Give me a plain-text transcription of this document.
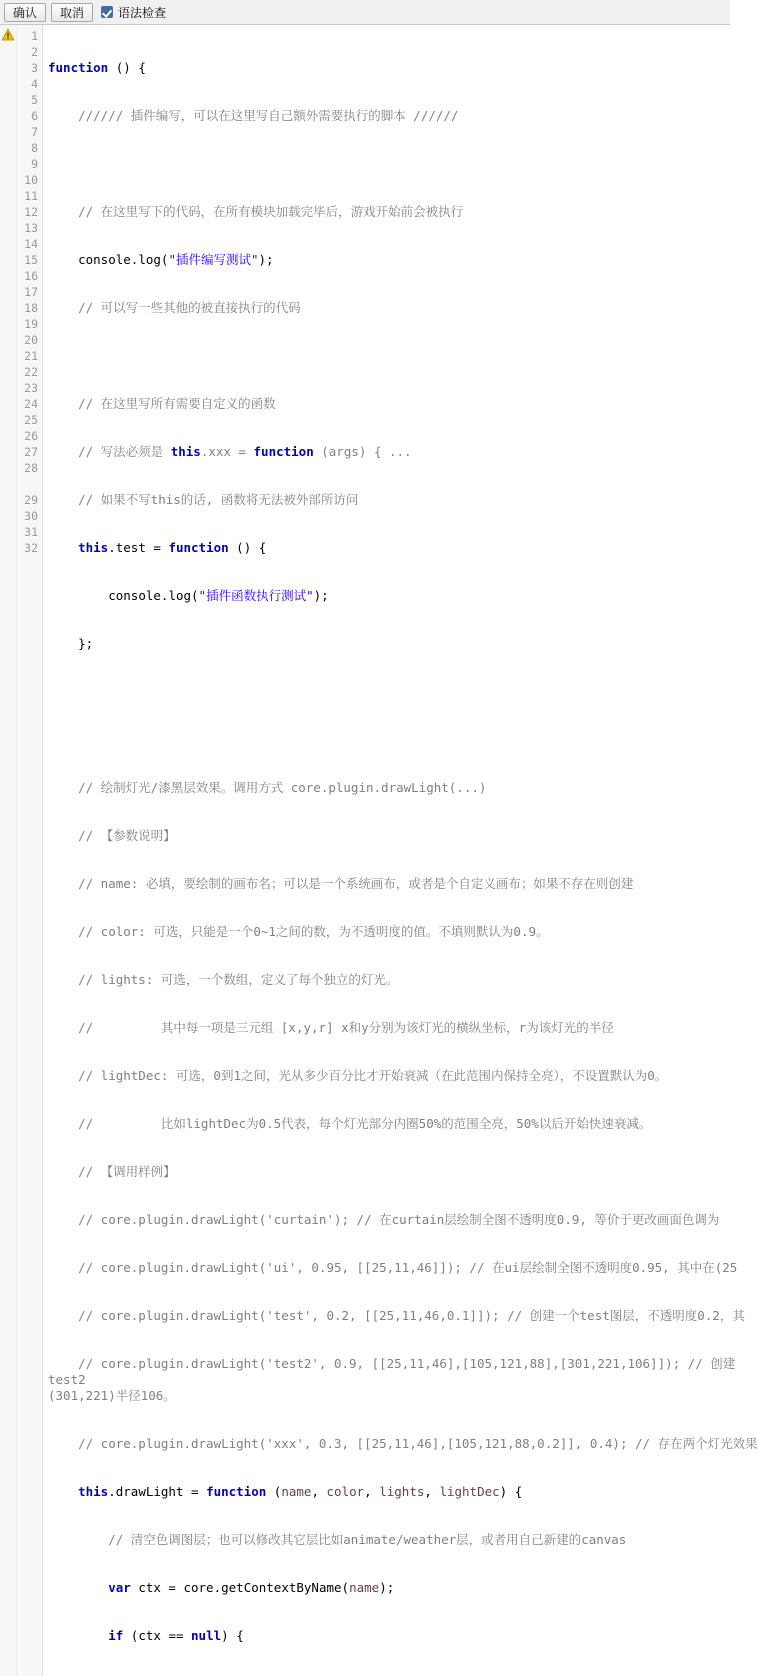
确认	取消	语法检查
1
2
3
4
5
6
7
8
9
10
11
12
13
14
15
16
17
18
19
20
21
22
23
24
25
26
27
28
29
30
31
32

function () {

////// 插件编写，可以在这里写自己额外需要执行的脚本 //////

// 在这里写下的代码，在所有模块加载完毕后，游戏开始前会被执行

console.log("插件编写测试");

// 可以写一些其他的被直接执行的代码

// 在这里写所有需要自定义的函数

// 写法必须是 this.xxx = function (args) { ...

// 如果不写this的话, 函数将无法被外部所访问

this.test = function () {

console.log("插件函数执行测试");

};

// 绘制灯光/漆黑层效果。调用方式 core.plugin.drawLight(...)

// 【参数说明】

// name: 必填，要绘制的画布名；可以是一个系统画布，或者是个自定义画布；如果不存在则创建

// color: 可选，只能是一个0~1之间的数，为不透明度的值。不填则默认为0.9。

// lights: 可选，一个数组，定义了每个独立的灯光。

//         其中每一项是三元组 [x,y,r] x和y分别为该灯光的横纵坐标，r为该灯光的半径

// lightDec: 可选，0到1之间，光从多少百分比才开始衰减（在此范围内保持全亮），不设置默认为0。

//         比如lightDec为0.5代表，每个灯光部分内圈50%的范围全亮，50%以后开始快速衰减。

// 【调用样例】

// core.plugin.drawLight('curtain'); // 在curtain层绘制全图不透明度0.9, 等价于更改画面色调为

// core.plugin.drawLight('ui', 0.95, [[25,11,46]]); // 在ui层绘制全图不透明度0.95, 其中在(25

// core.plugin.drawLight('test', 0.2, [[25,11,46,0.1]]); // 创建一个test图层，不透明度0.2，其

// core.plugin.drawLight('test2', 0.9, [[25,11,46],[105,121,88],[301,221,106]]); // 创建test2
(301,221)半径106。

// core.plugin.drawLight('xxx', 0.3, [[25,11,46],[105,121,88,0.2]], 0.4); // 存在两个灯光效果

this.drawLight = function (name, color, lights, lightDec) {

// 清空色调图层；也可以修改其它层比如animate/weather层，或者用自己新建的canvas

var ctx = core.getContextByName(name);

if (ctx == null) {
